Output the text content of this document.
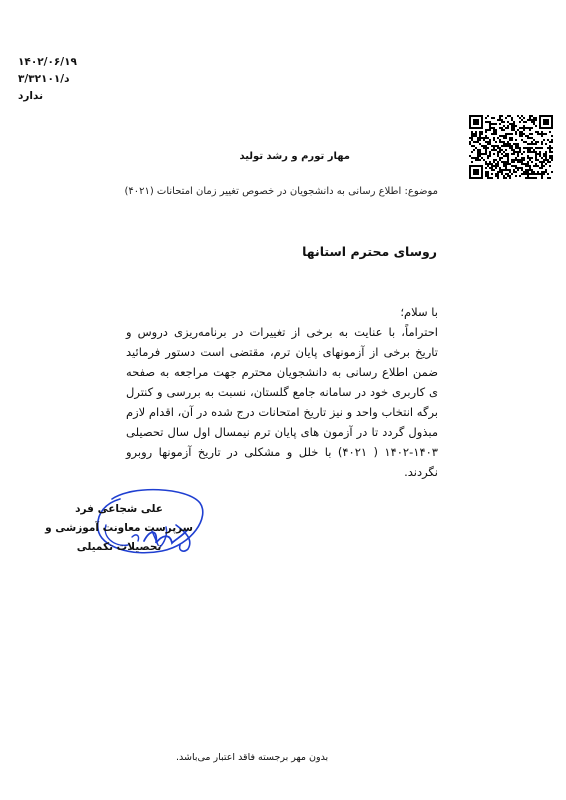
۱۴۰۲/۰۶/۱۹
د/۳/۳۲۱۰۱
ندارد
مهار تورم و رشد تولید
موضوع: اطلاع رسانی به دانشجویان در خصوص تغییر زمان امتحانات (۴۰۲۱)
روسای محترم استانها
با سلام؛
احتراماً، با عنایت به برخی از تغییرات در برنامه‌ریزی دروس و تاریخ برخی از آزمونهای پایان ترم، مقتضی است دستور فرمائید ضمن اطلاع رسانی به دانشجویان محترم جهت مراجعه به صفحه ی کاربری خود در سامانه جامع گلستان، نسبت به بررسی و کنترل برگه انتخاب واحد و نیز تاریخ امتحانات درج شده در آن، اقدام لازم مبذول گردد تا در آزمون های پایان ترم نیمسال اول سال تحصیلی ۱۴۰۳-۱۴۰۲ ( ۴۰۲۱) با خلل و مشکلی در تاریخ آزمونها روبرو نگردند.
علی شجاعی فرد
سرپرست معاونت آموزشی و
تحصیلات تکمیلی
بدون مهر برجسته فاقد اعتبار می‌باشد.
